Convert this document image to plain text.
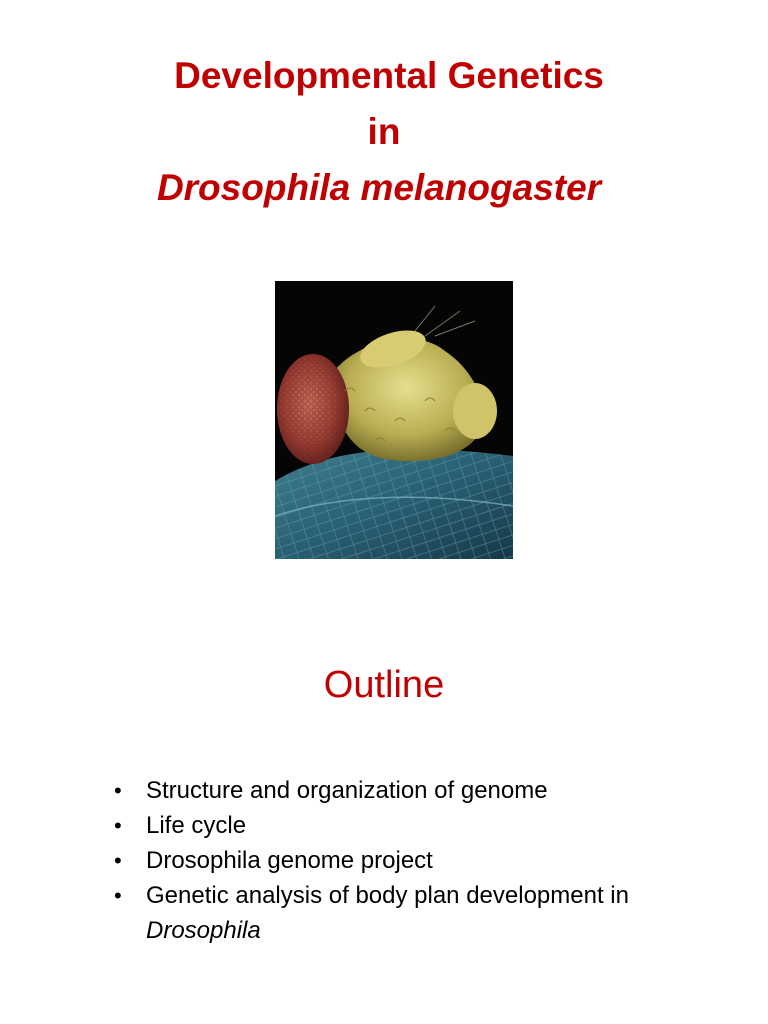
Developmental Genetics
in
Drosophila melanogaster
Outline
• Structure and organization of genome
• Life cycle
• Drosophila genome project
• Genetic analysis of body plan development in
Drosophila
